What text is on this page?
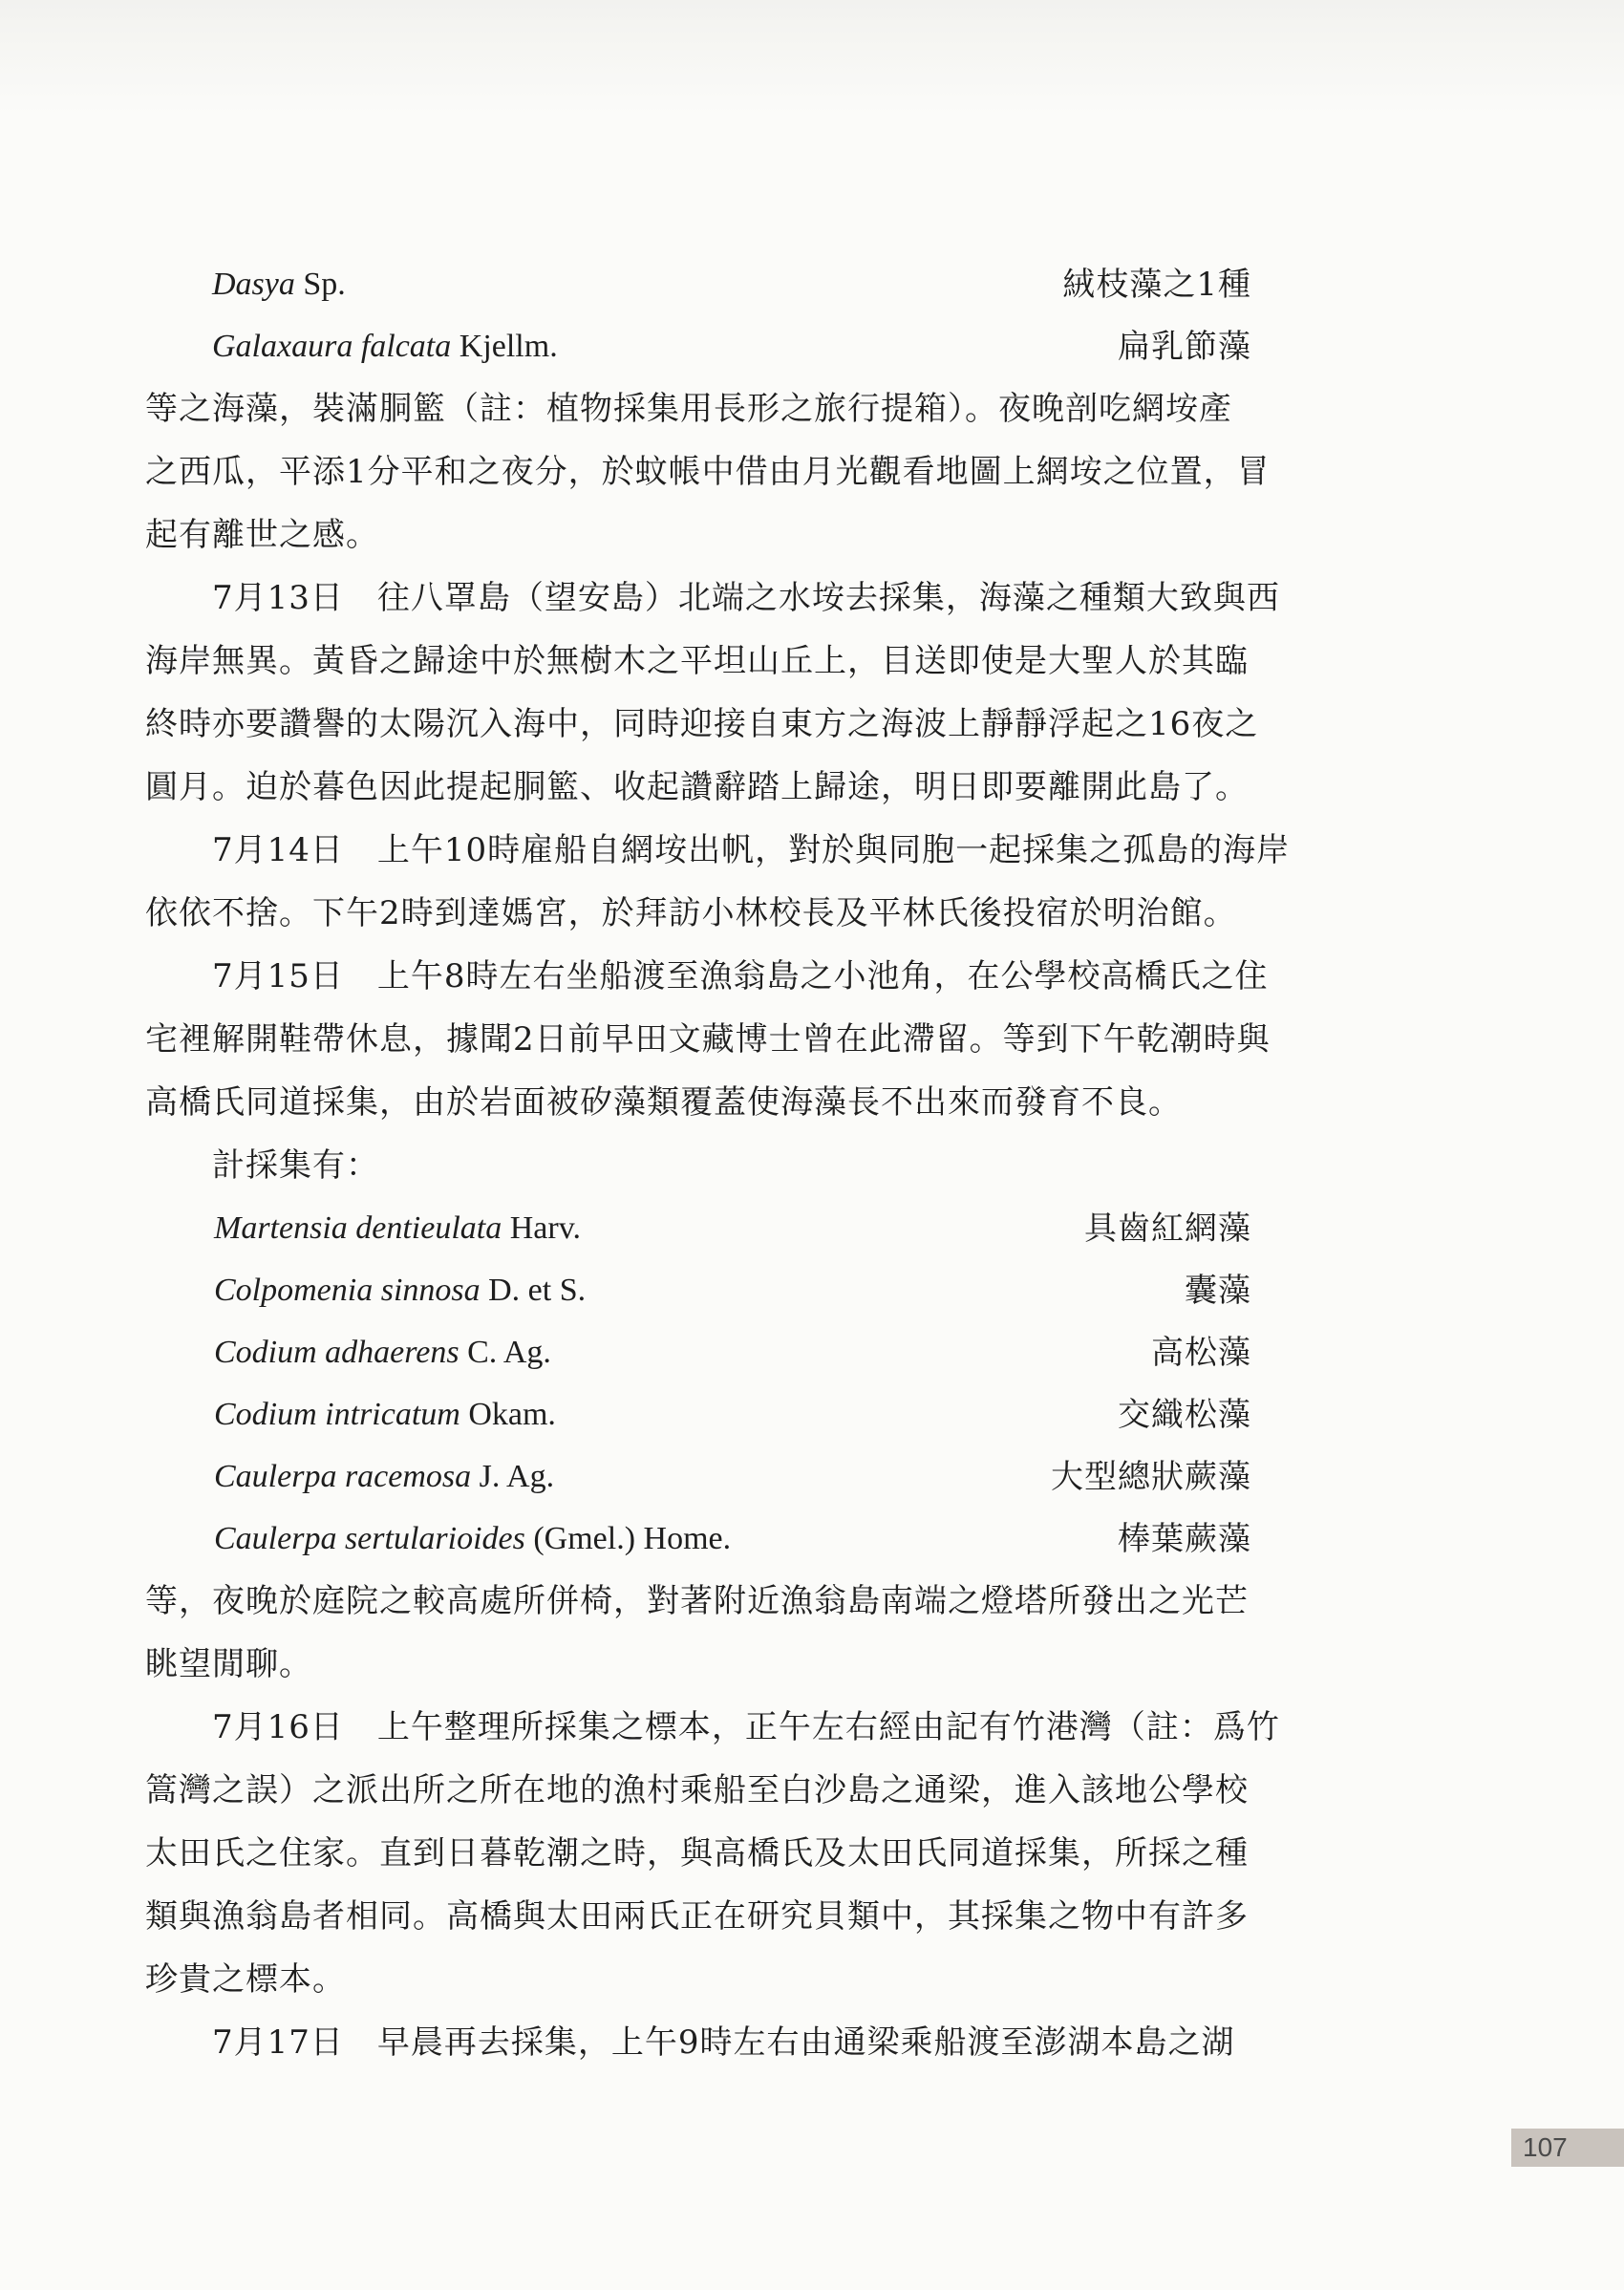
Dasya Sp.	絨枝藻之1種
Galaxaura falcata Kjellm.	扁乳節藻
等之海藻，裝滿胴籃（註：植物採集用長形之旅行提箱）。夜晚剖吃網垵產
之西瓜，平添1分平和之夜分，於蚊帳中借由月光觀看地圖上網垵之位置，冒
起有離世之感。
7月13日　往八罩島（望安島）北端之水垵去採集，海藻之種類大致與西
海岸無異。黃昏之歸途中於無樹木之平坦山丘上，目送即使是大聖人於其臨
終時亦要讚譽的太陽沉入海中，同時迎接自東方之海波上靜靜浮起之16夜之
圓月。迫於暮色因此提起胴籃、收起讚辭踏上歸途，明日即要離開此島了。
7月14日　上午10時雇船自網垵出帆，對於與同胞一起採集之孤島的海岸
依依不捨。下午2時到達媽宮，於拜訪小林校長及平林氏後投宿於明治館。
7月15日　上午8時左右坐船渡至漁翁島之小池角，在公學校高橋氏之住
宅裡解開鞋帶休息，據聞2日前早田文藏博士曾在此滯留。等到下午乾潮時與
高橋氏同道採集，由於岩面被矽藻類覆蓋使海藻長不出來而發育不良。
計採集有：
Martensia dentieulata Harv.	具齒紅網藻
Colpomenia sinnosa D. et S.	囊藻
Codium adhaerens C. Ag.	高松藻
Codium intricatum Okam.	交織松藻
Caulerpa racemosa J. Ag.	大型總狀蕨藻
Caulerpa sertularioides (Gmel.) Home.	棒葉蕨藻
等，夜晚於庭院之較高處所併椅，對著附近漁翁島南端之燈塔所發出之光芒
眺望閒聊。
7月16日　上午整理所採集之標本，正午左右經由記有竹港灣（註：爲竹
篙灣之誤）之派出所之所在地的漁村乘船至白沙島之通梁，進入該地公學校
太田氏之住家。直到日暮乾潮之時，與高橋氏及太田氏同道採集，所採之種
類與漁翁島者相同。高橋與太田兩氏正在研究貝類中，其採集之物中有許多
珍貴之標本。
7月17日　早晨再去採集，上午9時左右由通梁乘船渡至澎湖本島之湖
107
